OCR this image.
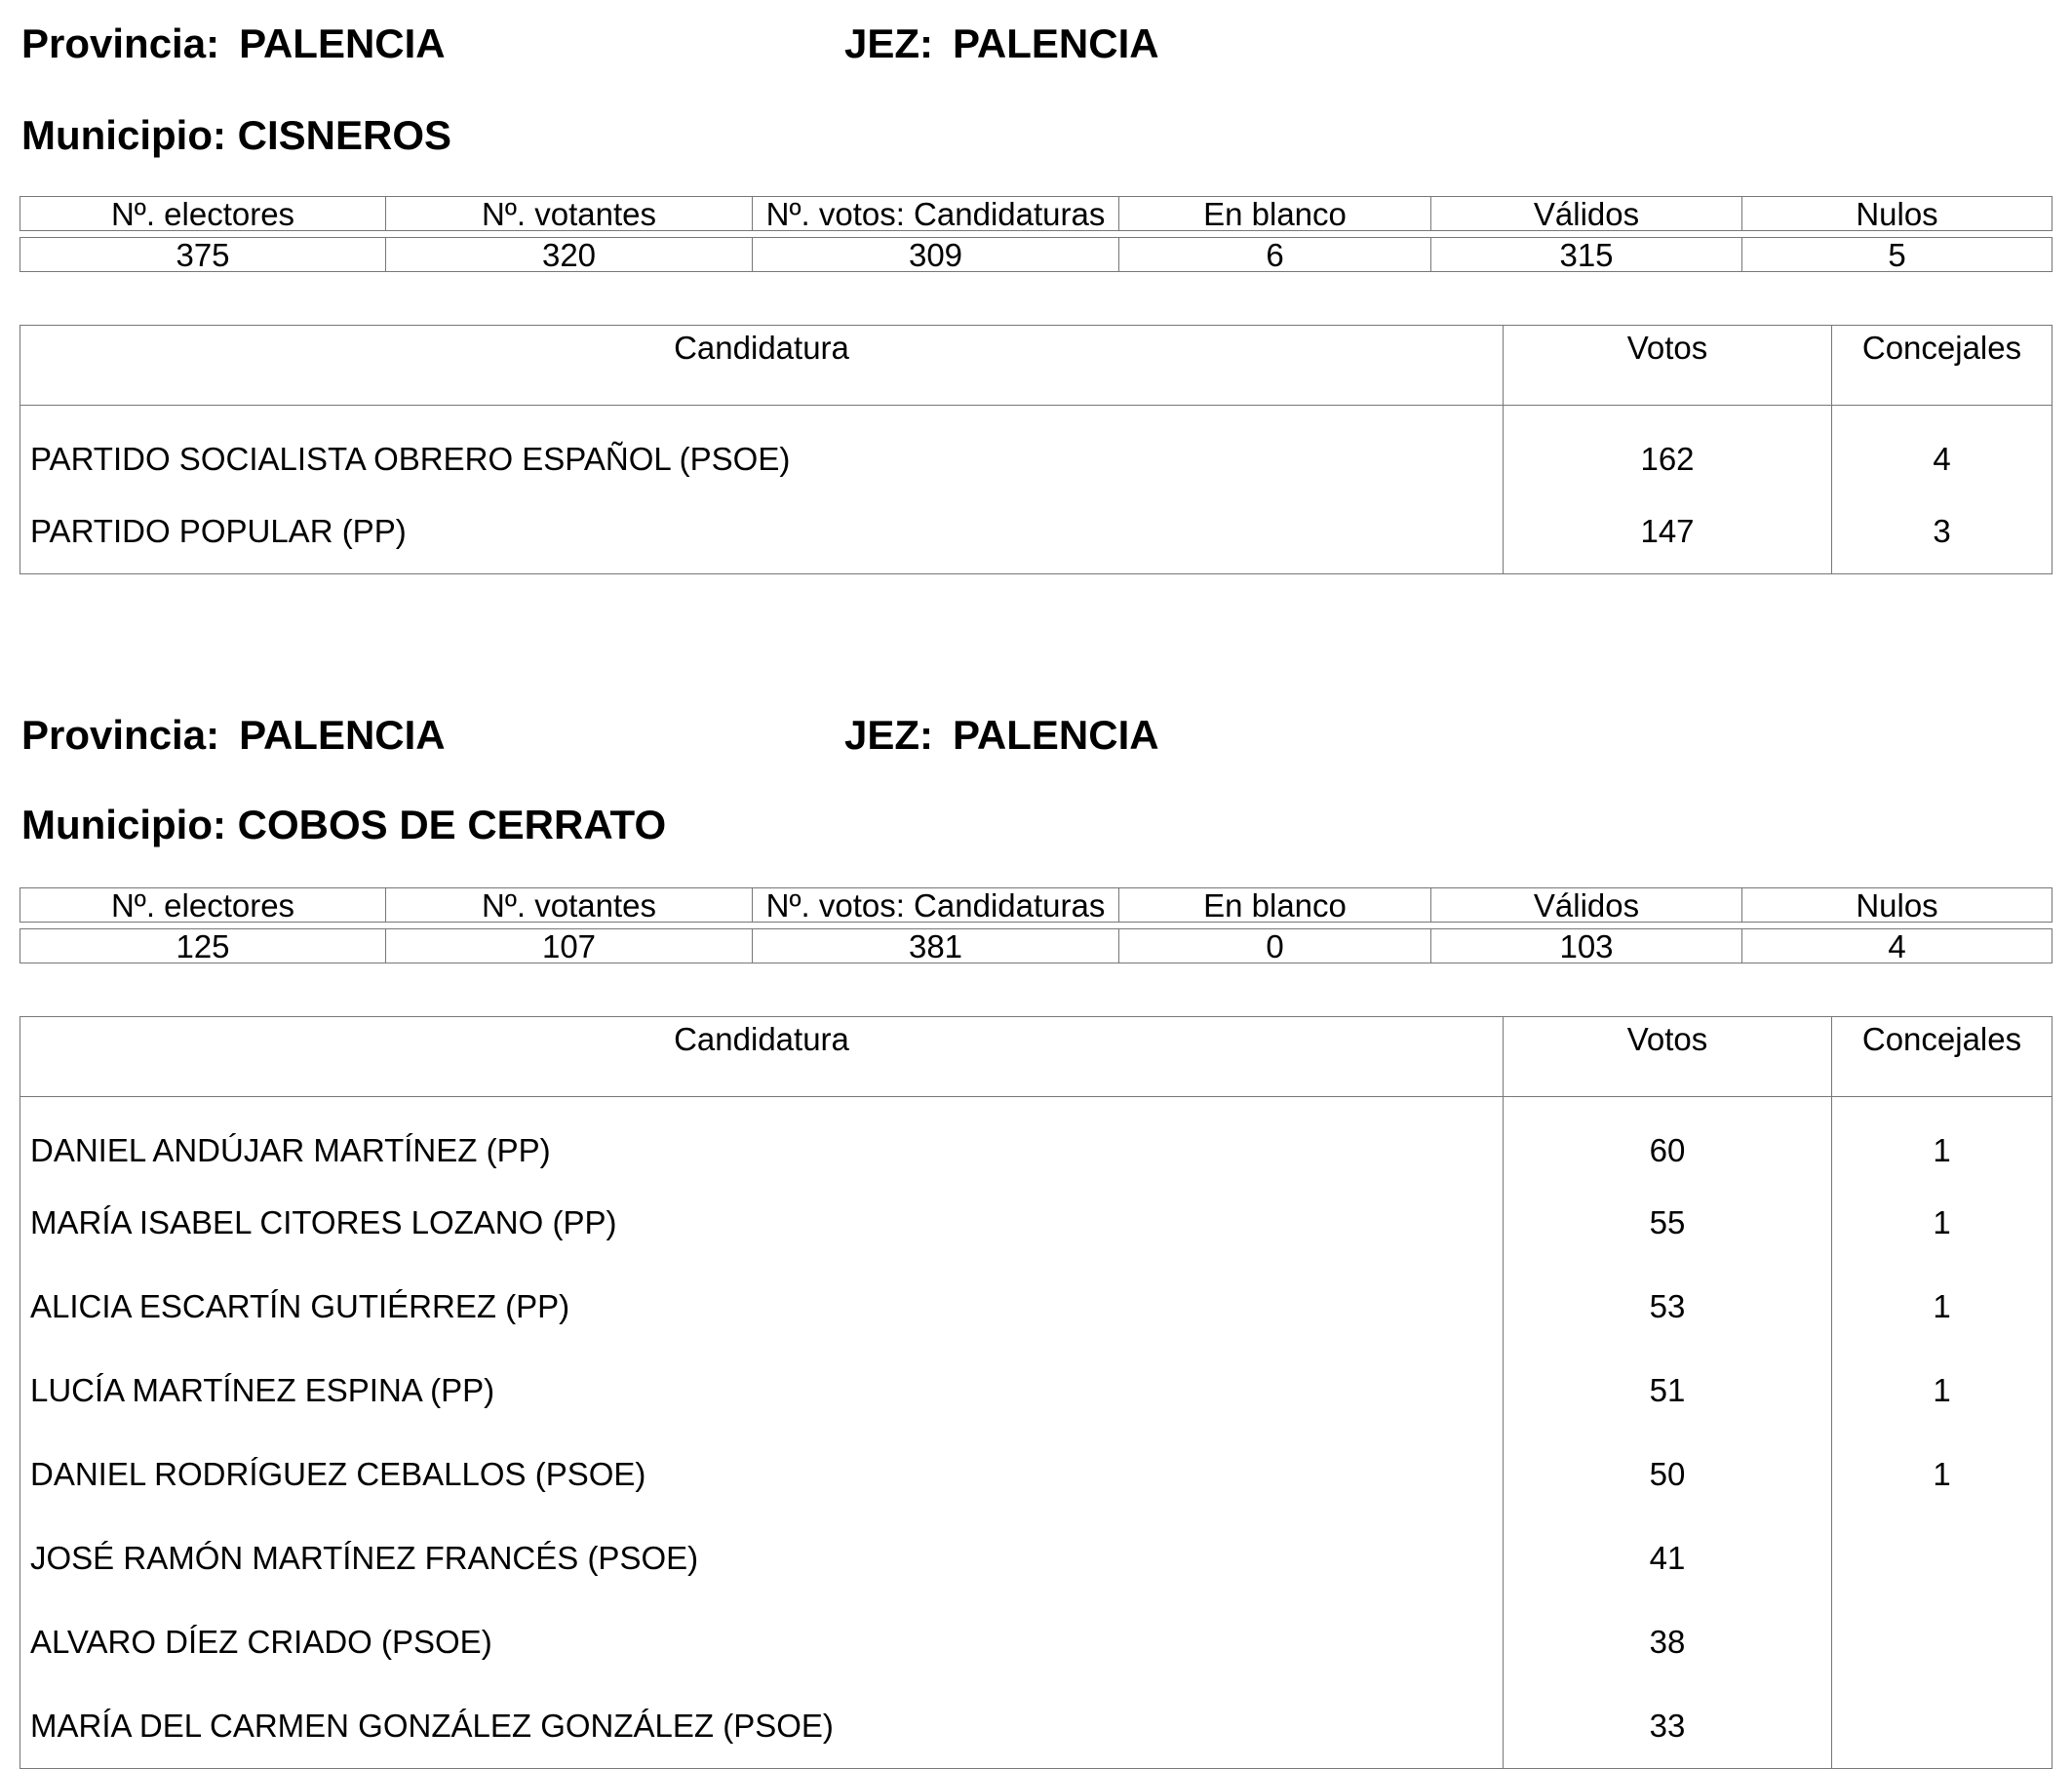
Provincia: PALENCIA	JEZ: PALENCIA
Municipio: CISNEROS
Nº. electores	Nº. votantes	Nº. votos: Candidaturas	En blanco	Válidos	Nulos

375	320	309	6	315	5
Candidatura	Votos	Concejales
PARTIDO SOCIALISTA OBRERO ESPAÑOL (PSOE)	162	4
PARTIDO POPULAR (PP)	147	3
Provincia: PALENCIA	JEZ: PALENCIA
Municipio: COBOS DE CERRATO
Nº. electores	Nº. votantes	Nº. votos: Candidaturas	En blanco	Válidos	Nulos

125	107	381	0	103	4
Candidatura	Votos	Concejales
DANIEL ANDÚJAR MARTÍNEZ (PP)	60	1
MARÍA ISABEL CITORES LOZANO (PP)	55	1
ALICIA ESCARTÍN GUTIÉRREZ (PP)	53	1
LUCÍA MARTÍNEZ ESPINA (PP)	51	1
DANIEL RODRÍGUEZ CEBALLOS (PSOE)	50	1
JOSÉ RAMÓN MARTÍNEZ FRANCÉS (PSOE)	41	
ALVARO DÍEZ CRIADO (PSOE)	38	
MARÍA DEL CARMEN GONZÁLEZ GONZÁLEZ (PSOE)	33	
